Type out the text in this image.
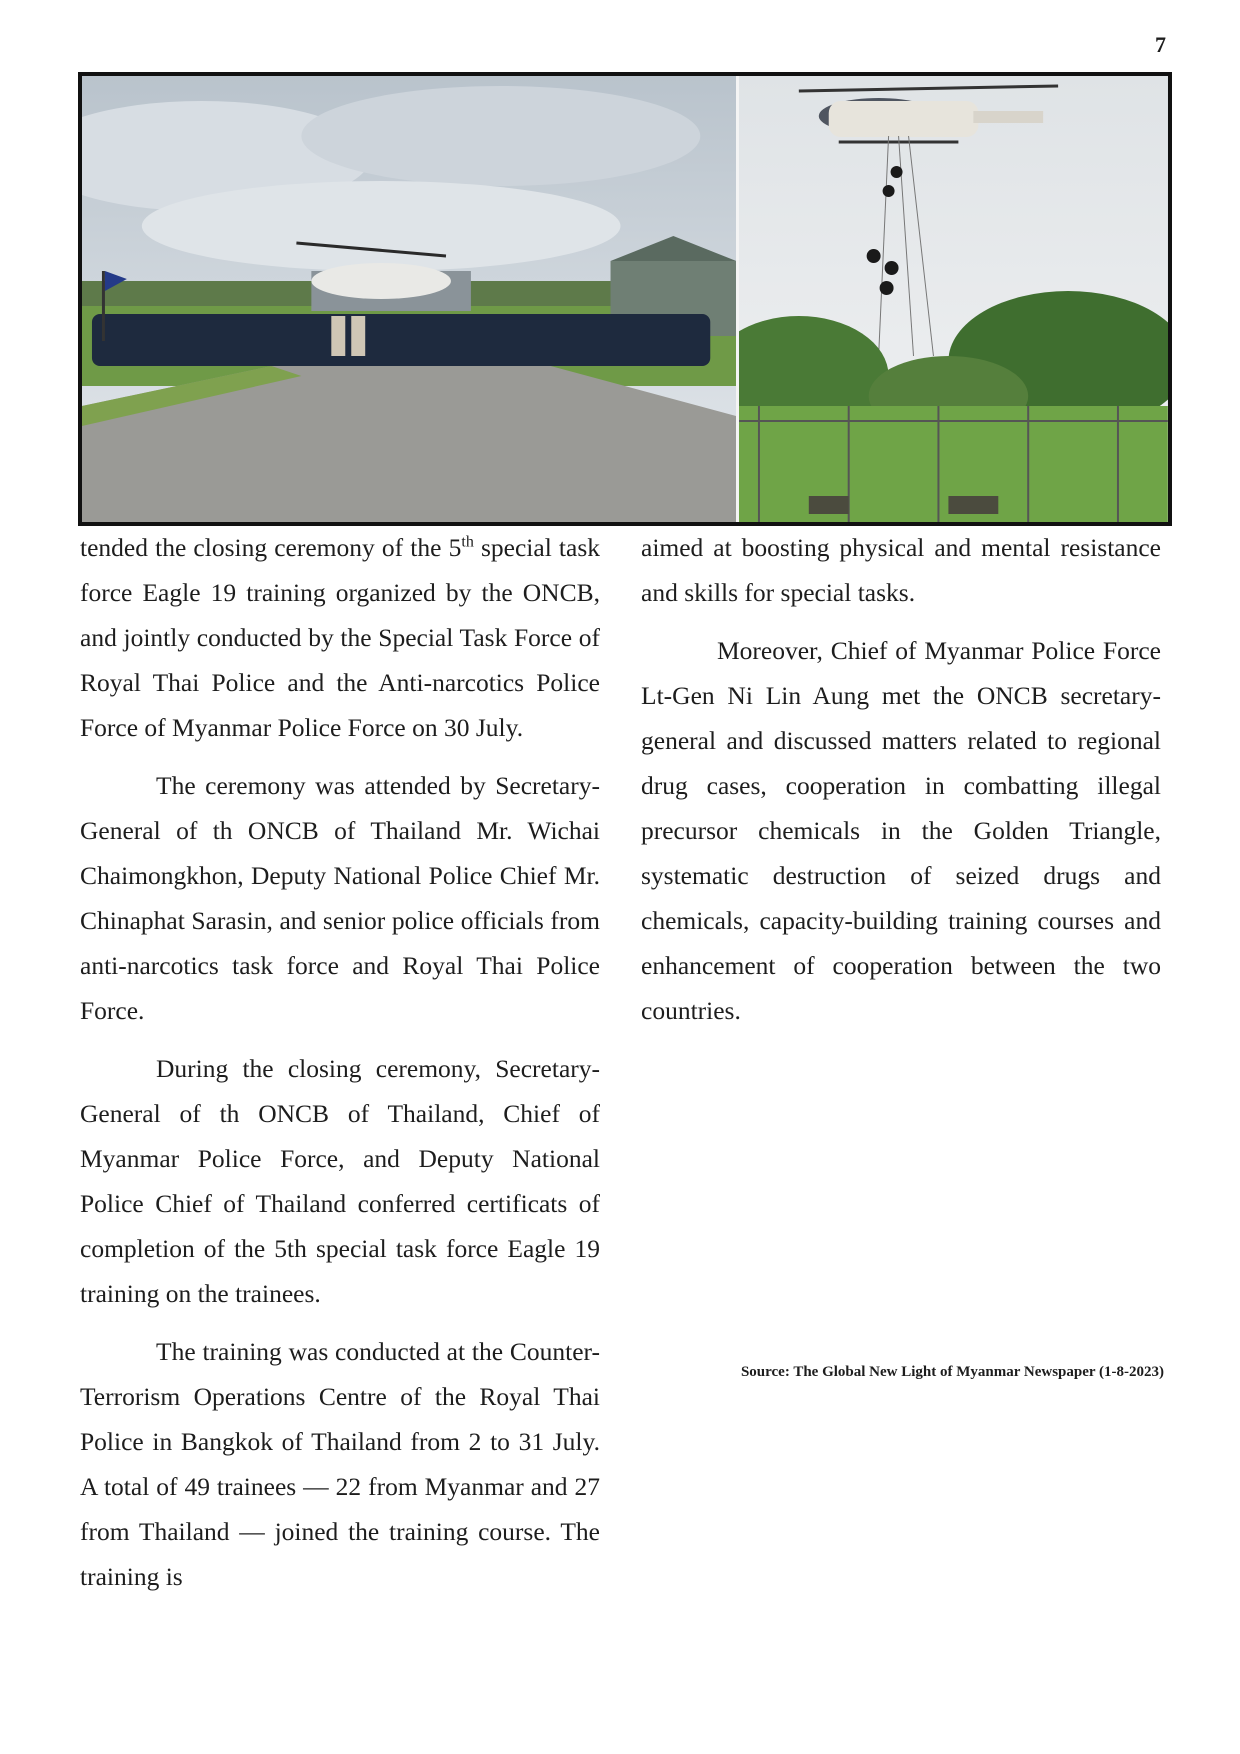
7

tended the closing ceremony of the 5th special task force Eagle 19 training organized by the ONCB, and jointly conducted by the Special Task Force of Royal Thai Police and the Anti-narcotics Police Force of Myanmar Police Force on 30 July.

The ceremony was attended by Secretary-General of th ONCB of Thailand Mr. Wichai Chaimongkhon, Deputy National Police Chief Mr. Chinaphat Sarasin, and senior police officials from anti-narcotics task force and Royal Thai Police Force.

During the closing ceremony, Secretary-General of th ONCB of Thailand, Chief of Myanmar Police Force, and Deputy National Police Chief of Thailand conferred certificats of completion of the 5th special task force Eagle 19 training on the trainees.

The training was conducted at the Counter-Terrorism Operations Centre of the Royal Thai Police in Bangkok of Thailand from 2 to 31 July. A total of 49 trainees — 22 from Myanmar and 27 from Thailand — joined the training course. The training is

aimed at boosting physical and mental resistance and skills for special tasks.

Moreover, Chief of Myanmar Police Force Lt-Gen Ni Lin Aung met the ONCB secretary-general and discussed matters related to regional drug cases, cooperation in combatting illegal precursor chemicals in the Golden Triangle, systematic destruction of seized drugs and chemicals, capacity-building training courses and enhancement of cooperation between the two countries.

Source: The Global New Light of Myanmar Newspaper (1-8-2023)
